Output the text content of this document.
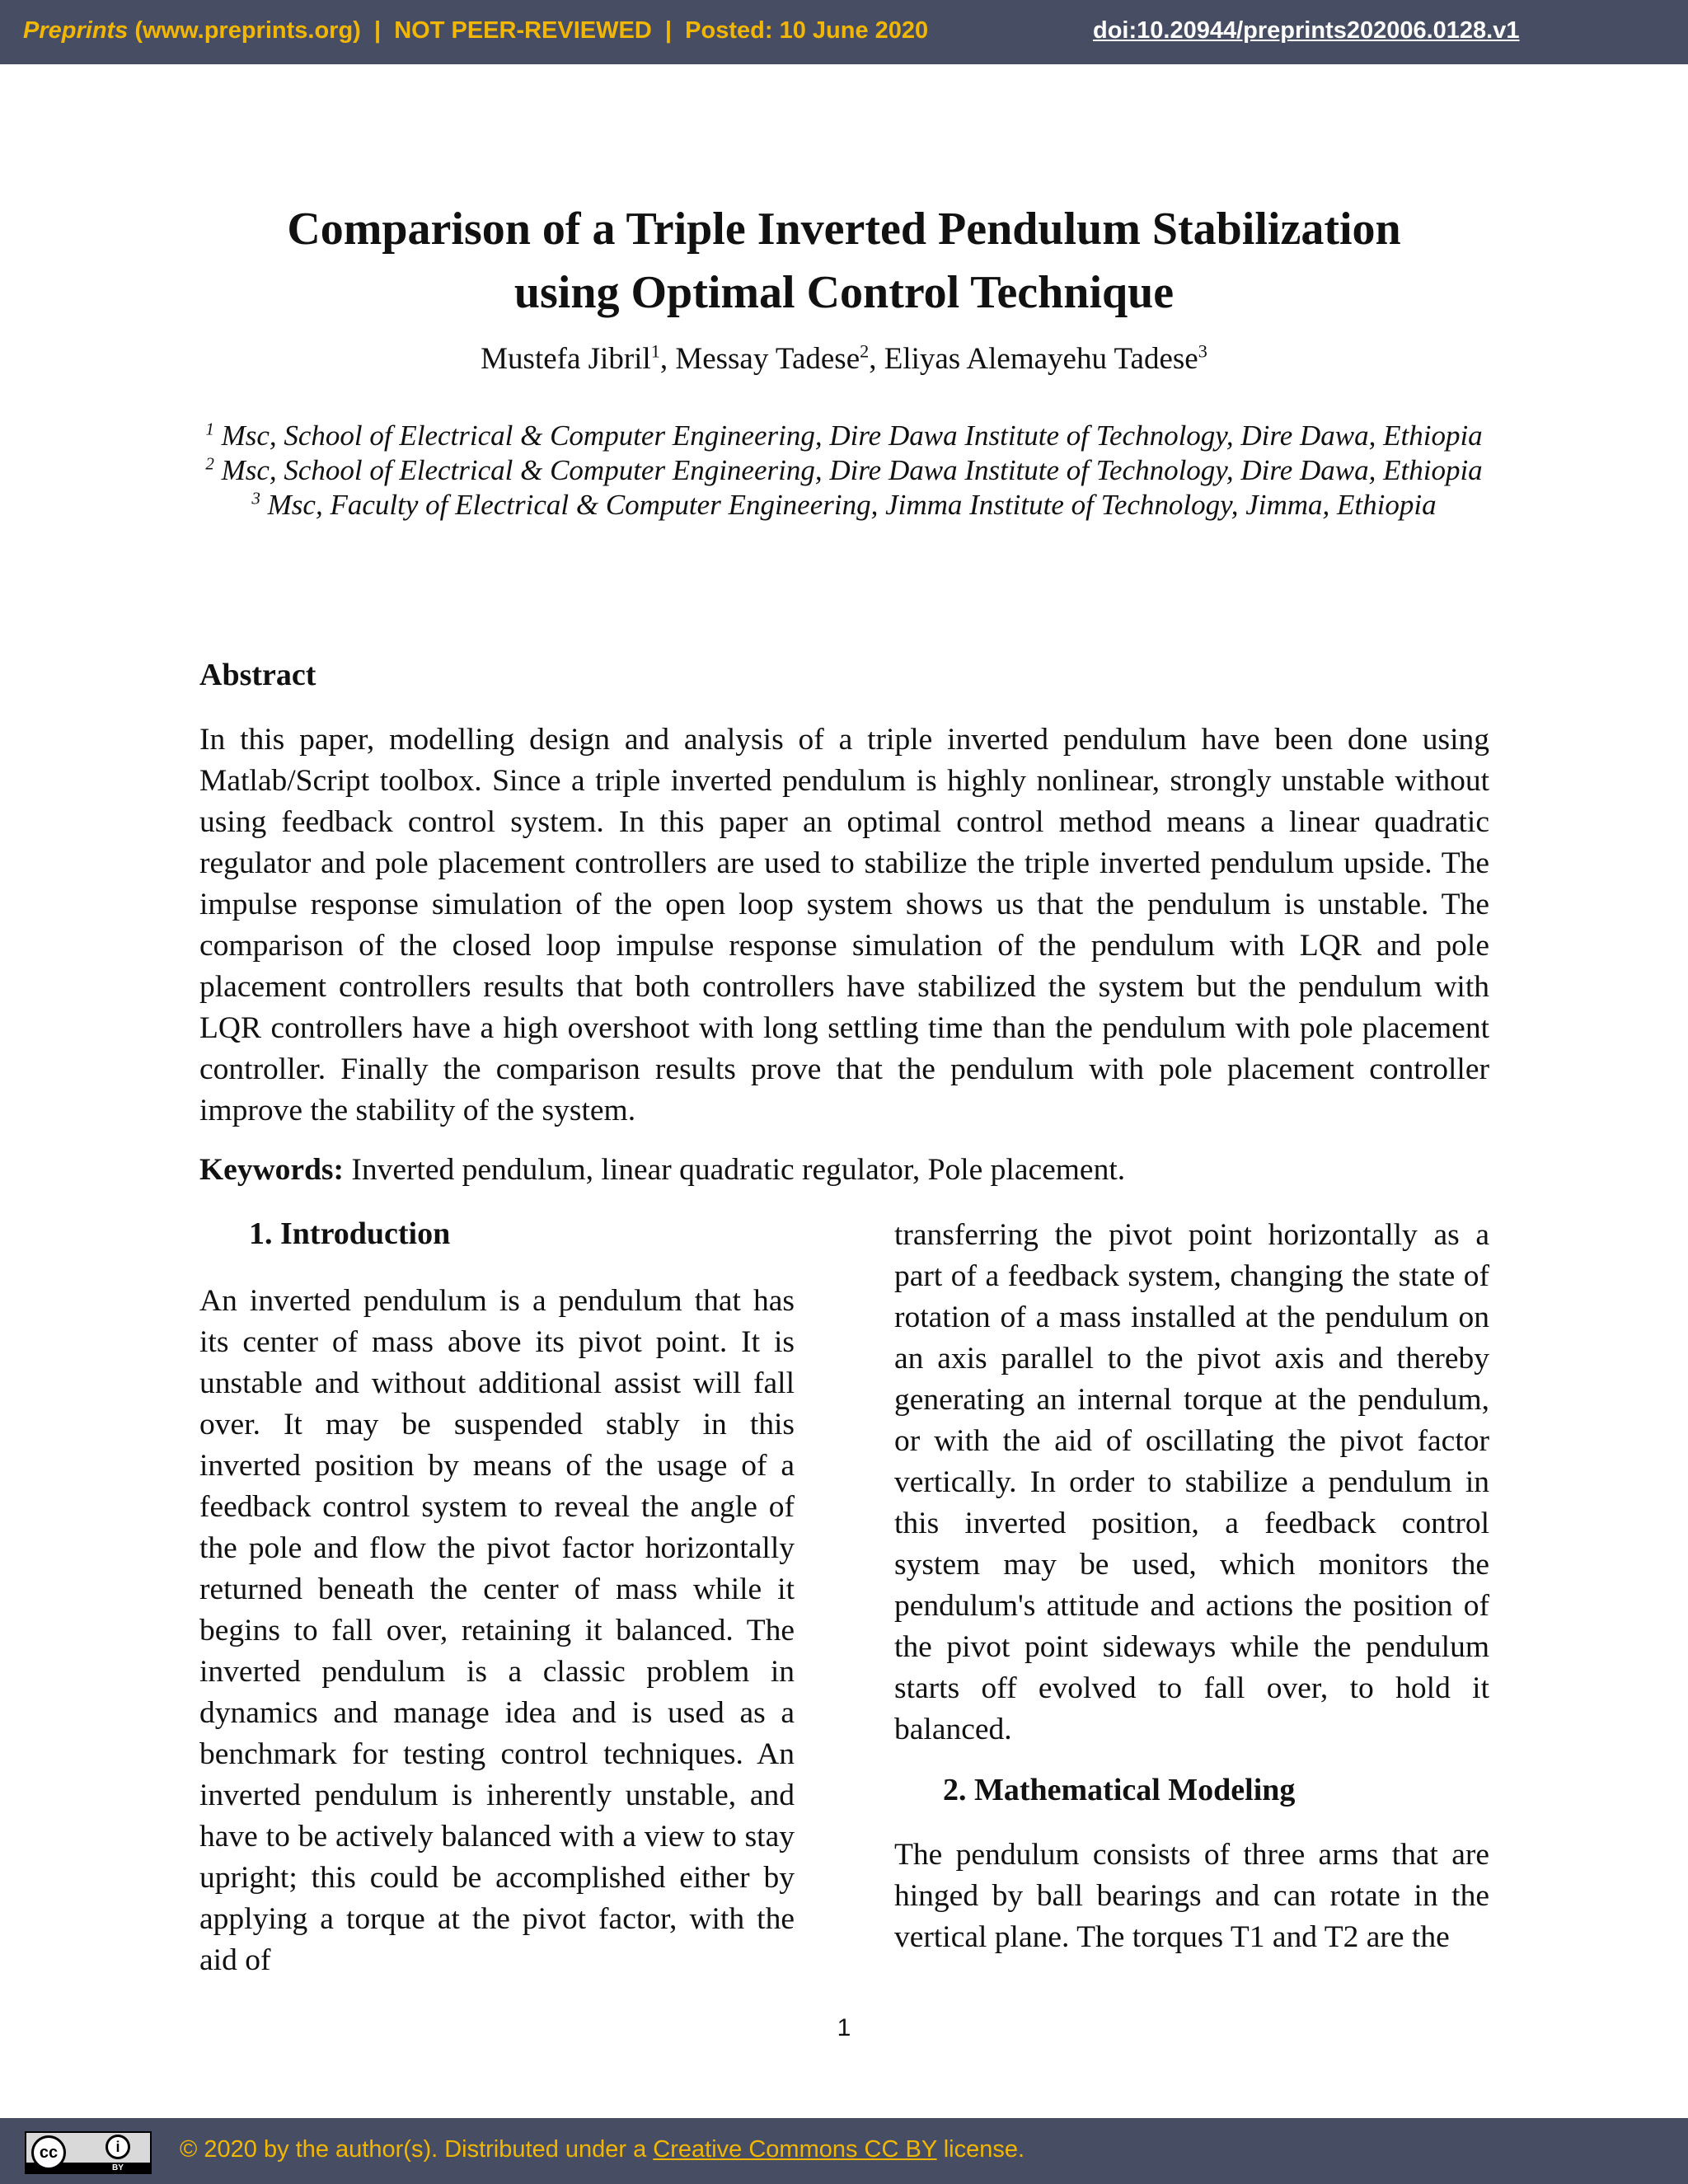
Preprints (www.preprints.org) | NOT PEER-REVIEWED | Posted: 10 June 2020	doi:10.20944/preprints202006.0128.v1
Comparison of a Triple Inverted Pendulum Stabilization
using Optimal Control Technique
Mustefa Jibril$^1$, Messay Tadese$^2$, Eliyas Alemayehu Tadese$^3$
$^1$ Msc, School of Electrical & Computer Engineering, Dire Dawa Institute of Technology, Dire Dawa, Ethiopia
$^2$ Msc, School of Electrical & Computer Engineering, Dire Dawa Institute of Technology, Dire Dawa, Ethiopia
$^3$ Msc, Faculty of Electrical & Computer Engineering, Jimma Institute of Technology, Jimma, Ethiopia
Abstract

In this paper, modelling design and analysis of a triple inverted pendulum have been done using Matlab/Script toolbox. Since a triple inverted pendulum is highly nonlinear, strongly unstable without using feedback control system. In this paper an optimal control method means a linear quadratic regulator and pole placement controllers are used to stabilize the triple inverted pendulum upside. The impulse response simulation of the open loop system shows us that the pendulum is unstable. The comparison of the closed loop impulse response simulation of the pendulum with LQR and pole placement controllers results that both controllers have stabilized the system but the pendulum with LQR controllers have a high overshoot with long settling time than the pendulum with pole placement controller. Finally the comparison results prove that the pendulum with pole placement controller improve the stability of the system.

Keywords: Inverted pendulum, linear quadratic regulator, Pole placement.
1. Introduction

An inverted pendulum is a pendulum that has its center of mass above its pivot point. It is unstable and without additional assist will fall over. It may be suspended stably in this inverted position by means of the usage of a feedback control system to reveal the angle of the pole and flow the pivot factor horizontally returned beneath the center of mass while it begins to fall over, retaining it balanced. The inverted pendulum is a classic problem in dynamics and manage idea and is used as a benchmark for testing control techniques. An inverted pendulum is inherently unstable, and have to be actively balanced with a view to stay upright; this could be accomplished either by applying a torque at the pivot factor, with the aid of

transferring the pivot point horizontally as a part of a feedback system, changing the state of rotation of a mass installed at the pendulum on an axis parallel to the pivot axis and thereby generating an internal torque at the pendulum, or with the aid of oscillating the pivot factor vertically. In order to stabilize a pendulum in this inverted position, a feedback control system may be used, which monitors the pendulum's attitude and actions the position of the pivot point sideways while the pendulum starts off evolved to fall over, to hold it balanced.

2. Mathematical Modeling

The pendulum consists of three arms that are hinged by ball bearings and can rotate in the vertical plane. The torques T1 and T2 are the

1
cc	i
BY
© 2020 by the author(s). Distributed under a Creative Commons CC BY license.
